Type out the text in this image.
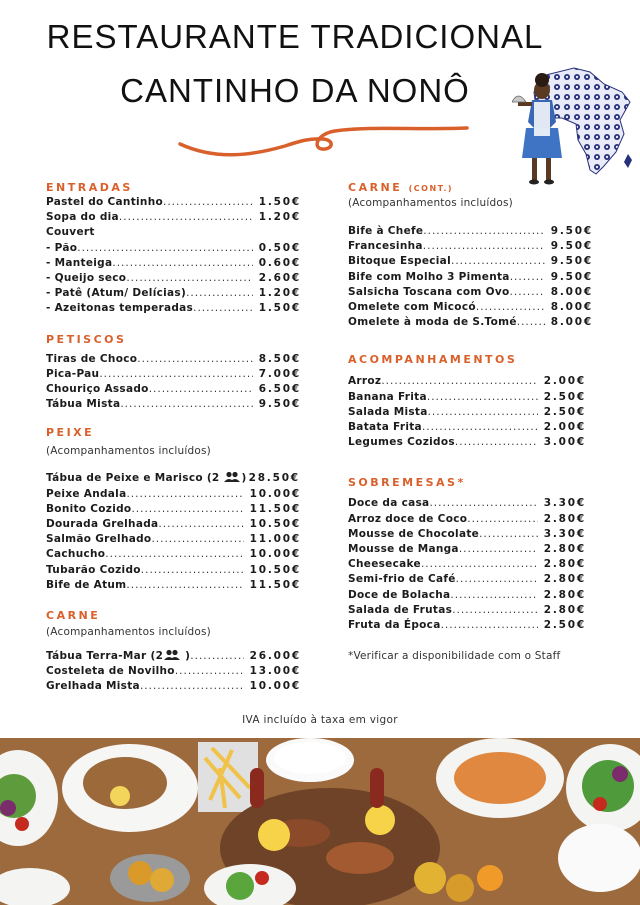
RESTAURANTE TRADICIONAL
CANTINHO DA NONÔ
ENTRADAS
Pastel do Cantinho .....	1.50€
Sopa do dia .....	1.20€
Couvert
- Pão .....	0.50€
- Manteiga .....	0.60€
- Queijo seco .....	2.60€
- Patê (Atum/ Delícias) .....	1.20€
- Azeitonas temperadas .....	1.50€
PETISCOS
Tiras de Choco .....	8.50€
Pica-Pau .....	7.00€
Chouriço Assado .....	6.50€
Tábua Mista .....	9.50€
PEIXE
(Acompanhamentos incluídos)
Tábua de Peixe e Marisco (2 ) 28.50€
Peixe Andala .....	10.00€
Bonito Cozido .....	11.50€
Dourada Grelhada .....	10.50€
Salmão Grelhado .....	11.00€
Cachucho .....	10.00€
Tubarão Cozido .....	10.50€
Bife de Atum .....	11.50€
CARNE
(Acompanhamentos incluídos)
Tábua Terra-Mar (2 ) .....	26.00€
Costeleta de Novilho .....	13.00€
Grelhada Mista .....	10.00€
CARNE (CONT.)
(Acompanhamentos incluídos)
Bife à Chefe .....	9.50€
Francesinha .....	9.50€
Bitoque Especial .....	9.50€
Bife com Molho 3 Pimenta .....	9.50€
Salsicha Toscana com Ovo .....	8.00€
Omelete com Micocó .....	8.00€
Omelete à moda de S.Tomé .....	8.00€
ACOMPANHAMENTOS
Arroz .....	2.00€
Banana Frita .....	2.50€
Salada Mista .....	2.50€
Batata Frita .....	2.00€
Legumes Cozidos .....	3.00€
SOBREMESAS*
Doce da casa .....	3.30€
Arroz doce de Coco .....	2.80€
Mousse de Chocolate .....	3.30€
Mousse de Manga .....	2.80€
Cheesecake .....	2.80€
Semi-frio de Café .....	2.80€
Doce de Bolacha .....	2.80€
Salada de Frutas .....	2.80€
Fruta da Época .....	2.50€
*Verificar a disponibilidade com o Staff
IVA incluído à taxa em vigor
